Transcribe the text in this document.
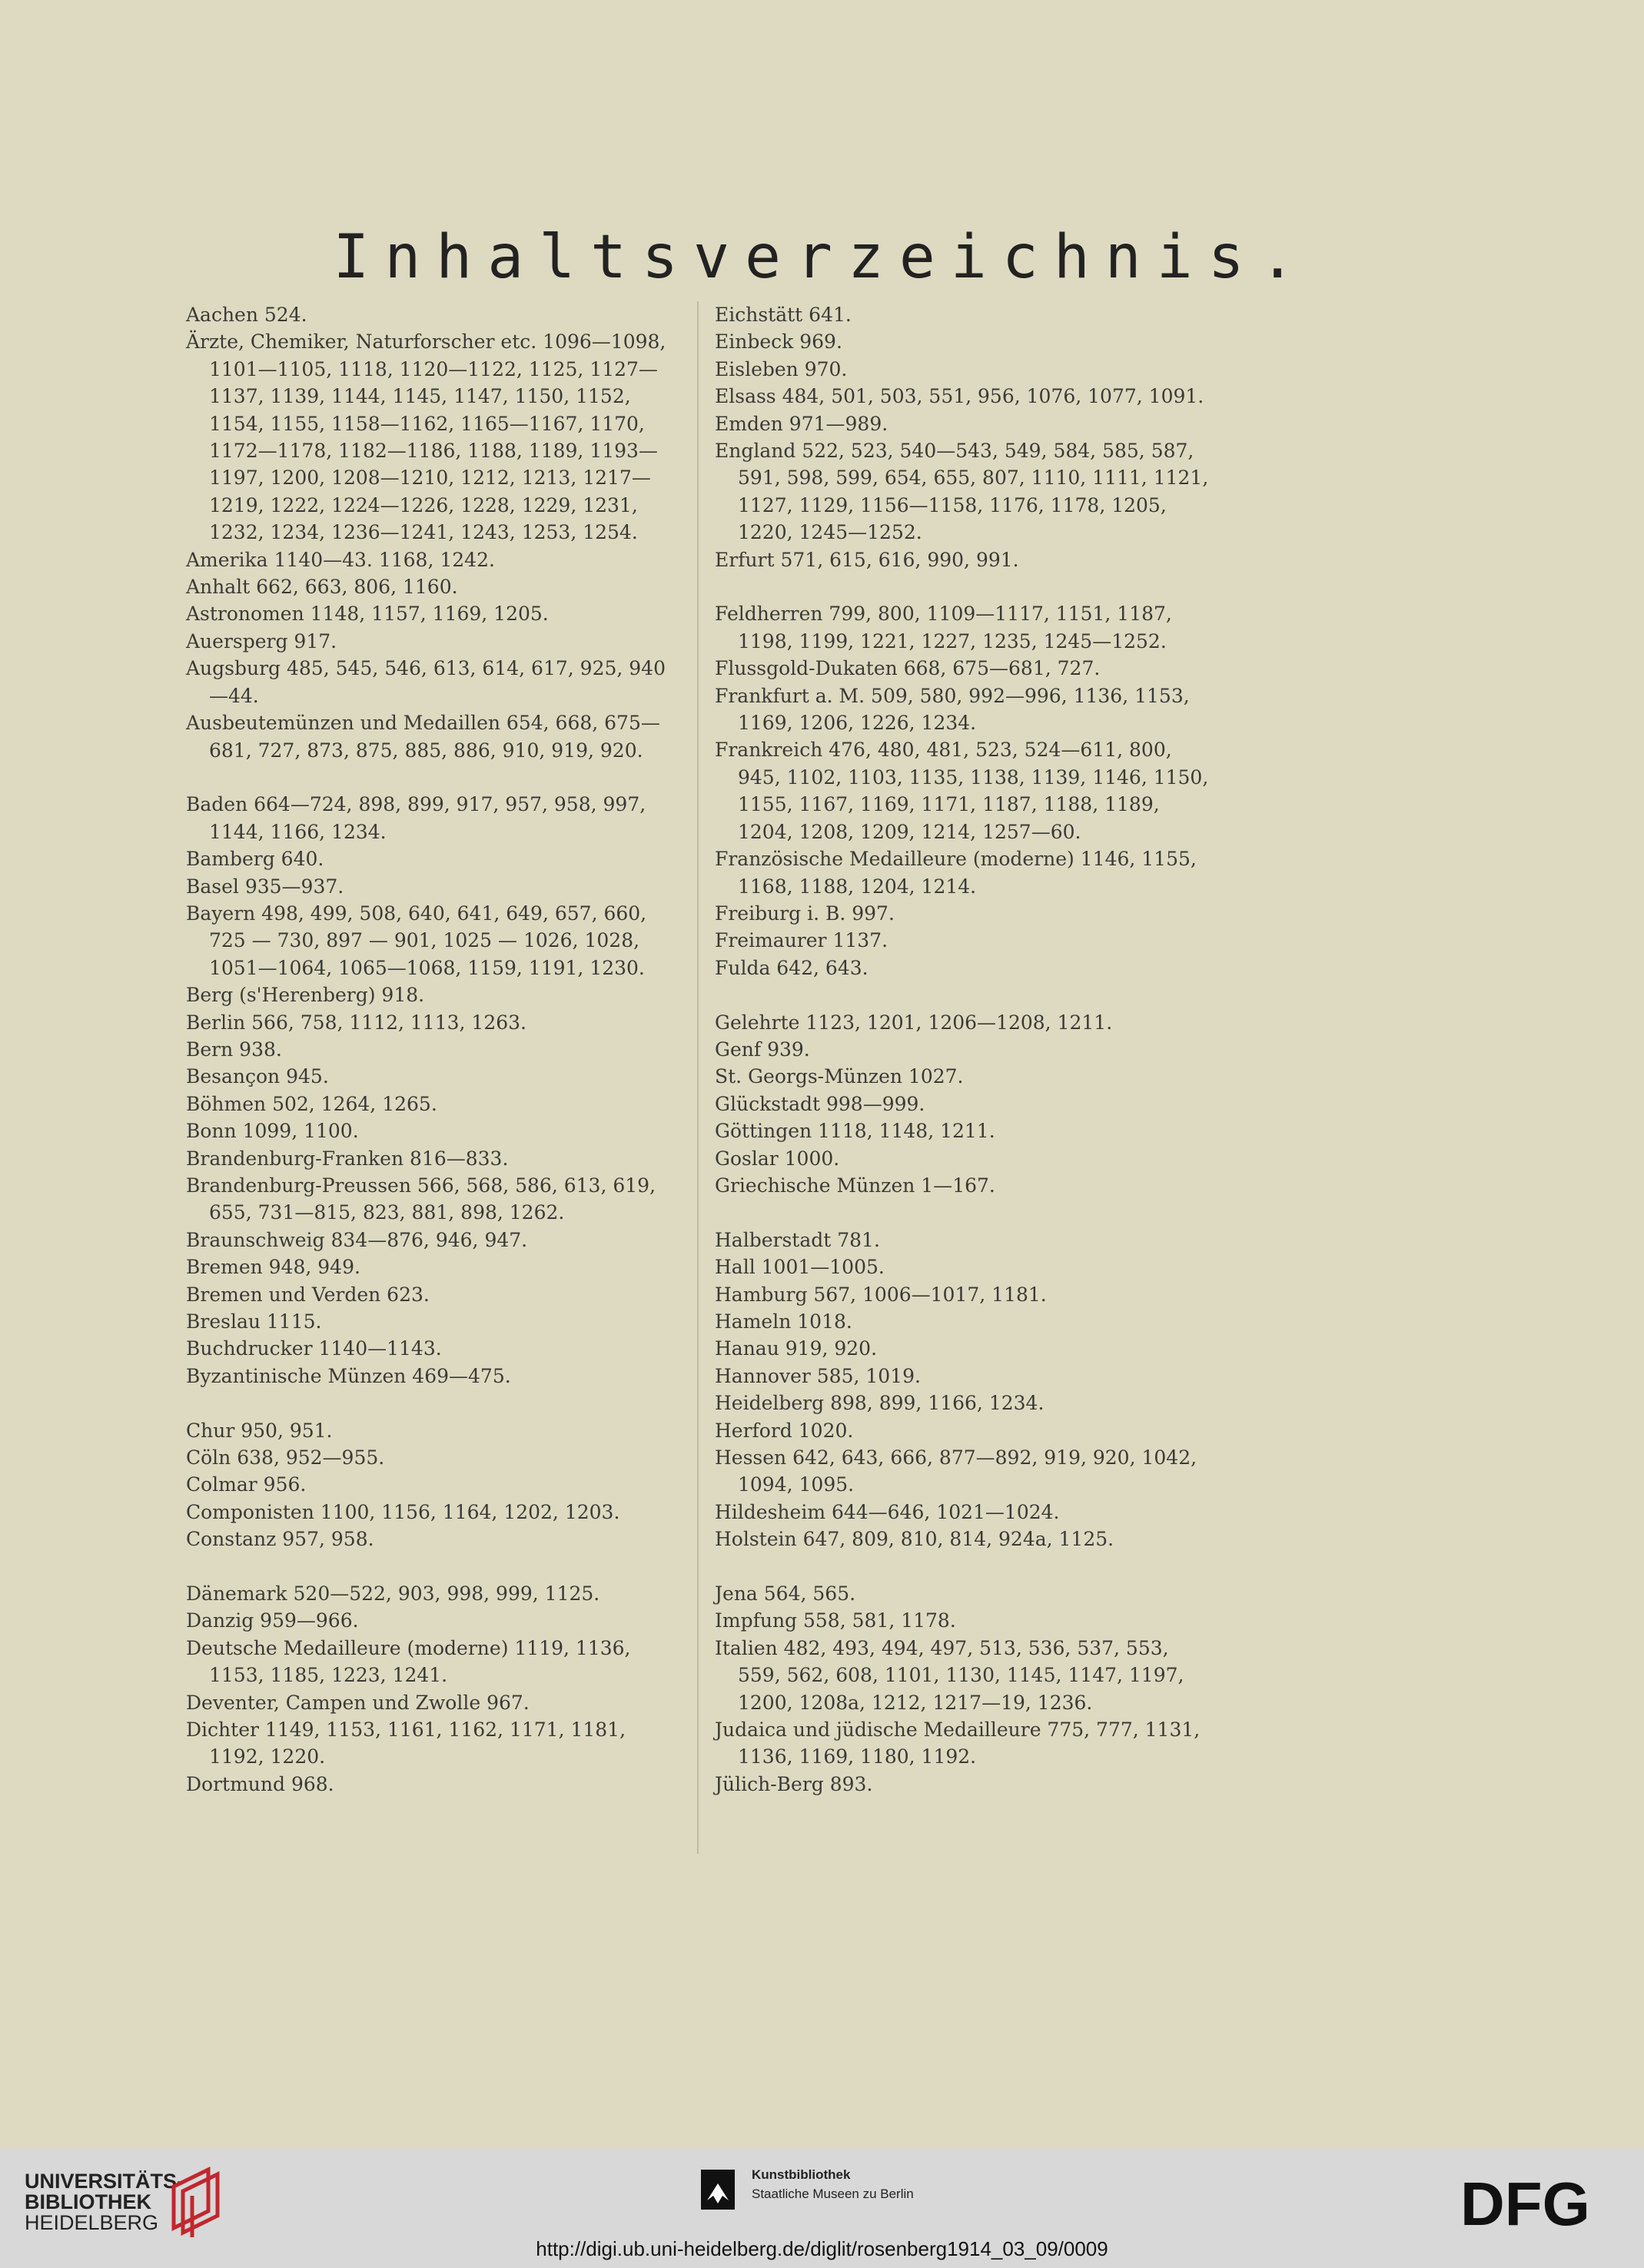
Inhaltsverzeichnis.
Aachen 524.
Ärzte, Chemiker, Naturforscher etc. 1096—1098, 1101—1105, 1118, 1120—1122, 1125, 1127—1137, 1139, 1144, 1145, 1147, 1150, 1152, 1154, 1155, 1158—1162, 1165—1167, 1170, 1172—1178, 1182—1186, 1188, 1189, 1193—1197, 1200, 1208—1210, 1212, 1213, 1217—1219, 1222, 1224—1226, 1228, 1229, 1231, 1232, 1234, 1236—1241, 1243, 1253, 1254.
Amerika 1140—43. 1168, 1242.
Anhalt 662, 663, 806, 1160.
Astronomen 1148, 1157, 1169, 1205.
Auersperg 917.
Augsburg 485, 545, 546, 613, 614, 617, 925, 940—44.
Ausbeutemünzen und Medaillen 654, 668, 675—681, 727, 873, 875, 885, 886, 910, 919, 920.
Baden 664—724, 898, 899, 917, 957, 958, 997, 1144, 1166, 1234.
Bamberg 640.
Basel 935—937.
Bayern 498, 499, 508, 640, 641, 649, 657, 660, 725 — 730, 897 — 901, 1025 — 1026, 1028, 1051—1064, 1065—1068, 1159, 1191, 1230.
Berg (s'Herenberg) 918.
Berlin 566, 758, 1112, 1113, 1263.
Bern 938.
Besançon 945.
Böhmen 502, 1264, 1265.
Bonn 1099, 1100.
Brandenburg-Franken 816—833.
Brandenburg-Preussen 566, 568, 586, 613, 619, 655, 731—815, 823, 881, 898, 1262.
Braunschweig 834—876, 946, 947.
Bremen 948, 949.
Bremen und Verden 623.
Breslau 1115.
Buchdrucker 1140—1143.
Byzantinische Münzen 469—475.
Chur 950, 951.
Cöln 638, 952—955.
Colmar 956.
Componisten 1100, 1156, 1164, 1202, 1203.
Constanz 957, 958.
Dänemark 520—522, 903, 998, 999, 1125.
Danzig 959—966.
Deutsche Medailleure (moderne) 1119, 1136, 1153, 1185, 1223, 1241.
Deventer, Campen und Zwolle 967.
Dichter 1149, 1153, 1161, 1162, 1171, 1181, 1192, 1220.
Dortmund 968.
Eichstätt 641.
Einbeck 969.
Eisleben 970.
Elsass 484, 501, 503, 551, 956, 1076, 1077, 1091.
Emden 971—989.
England 522, 523, 540—543, 549, 584, 585, 587, 591, 598, 599, 654, 655, 807, 1110, 1111, 1121, 1127, 1129, 1156—1158, 1176, 1178, 1205, 1220, 1245—1252.
Erfurt 571, 615, 616, 990, 991.
Feldherren 799, 800, 1109—1117, 1151, 1187, 1198, 1199, 1221, 1227, 1235, 1245—1252.
Flussgold-Dukaten 668, 675—681, 727.
Frankfurt a. M. 509, 580, 992—996, 1136, 1153, 1169, 1206, 1226, 1234.
Frankreich 476, 480, 481, 523, 524—611, 800, 945, 1102, 1103, 1135, 1138, 1139, 1146, 1150, 1155, 1167, 1169, 1171, 1187, 1188, 1189, 1204, 1208, 1209, 1214, 1257—60.
Französische Medailleure (moderne) 1146, 1155, 1168, 1188, 1204, 1214.
Freiburg i. B. 997.
Freimaurer 1137.
Fulda 642, 643.
Gelehrte 1123, 1201, 1206—1208, 1211.
Genf 939.
St. Georgs-Münzen 1027.
Glückstadt 998—999.
Göttingen 1118, 1148, 1211.
Goslar 1000.
Griechische Münzen 1—167.
Halberstadt 781.
Hall 1001—1005.
Hamburg 567, 1006—1017, 1181.
Hameln 1018.
Hanau 919, 920.
Hannover 585, 1019.
Heidelberg 898, 899, 1166, 1234.
Herford 1020.
Hessen 642, 643, 666, 877—892, 919, 920, 1042, 1094, 1095.
Hildesheim 644—646, 1021—1024.
Holstein 647, 809, 810, 814, 924a, 1125.
Jena 564, 565.
Impfung 558, 581, 1178.
Italien 482, 493, 494, 497, 513, 536, 537, 553, 559, 562, 608, 1101, 1130, 1145, 1147, 1197, 1200, 1208a, 1212, 1217—19, 1236.
Judaica und jüdische Medailleure 775, 777, 1131, 1136, 1169, 1180, 1192.
Jülich-Berg 893.
UNIVERSITÄTS-
BIBLIOTHEK
HEIDELBERG
Kunstbibliothek
Staatliche Museen zu Berlin	DFG
http://digi.ub.uni-heidelberg.de/diglit/rosenberg1914_03_09/0009
